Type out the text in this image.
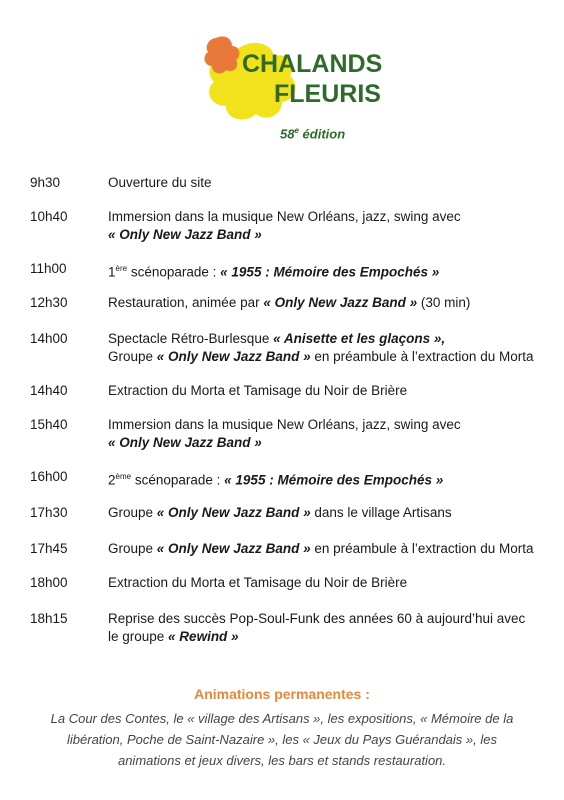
CHALANDS
FLEURIS
58e édition
9h30	Ouverture du site
10h40	Immersion dans la musique New Orléans, jazz, swing avec
« Only New Jazz Band »
11h00	1ère scénoparade : « 1955 : Mémoire des Empochés »
12h30	Restauration, animée par « Only New Jazz Band » (30 min)
14h00	Spectacle Rétro-Burlesque « Anisette et les glaçons »,
Groupe « Only New Jazz Band » en préambule à l’extraction du Morta
14h40	Extraction du Morta et Tamisage du Noir de Brière
15h40	Immersion dans la musique New Orléans, jazz, swing avec
« Only New Jazz Band »
16h00	2ème scénoparade : « 1955 : Mémoire des Empochés »
17h30	Groupe « Only New Jazz Band » dans le village Artisans
17h45	Groupe « Only New Jazz Band » en préambule à l’extraction du Morta
18h00	Extraction du Morta et Tamisage du Noir de Brière
18h15	Reprise des succès Pop-Soul-Funk des années 60 à aujourd’hui avec
le groupe « Rewind »
Animations permanentes :
La Cour des Contes, le « village des Artisans », les expositions, « Mémoire de la libération, Poche de Saint-Nazaire », les « Jeux du Pays Guérandais », les animations et jeux divers, les bars et stands restauration.
